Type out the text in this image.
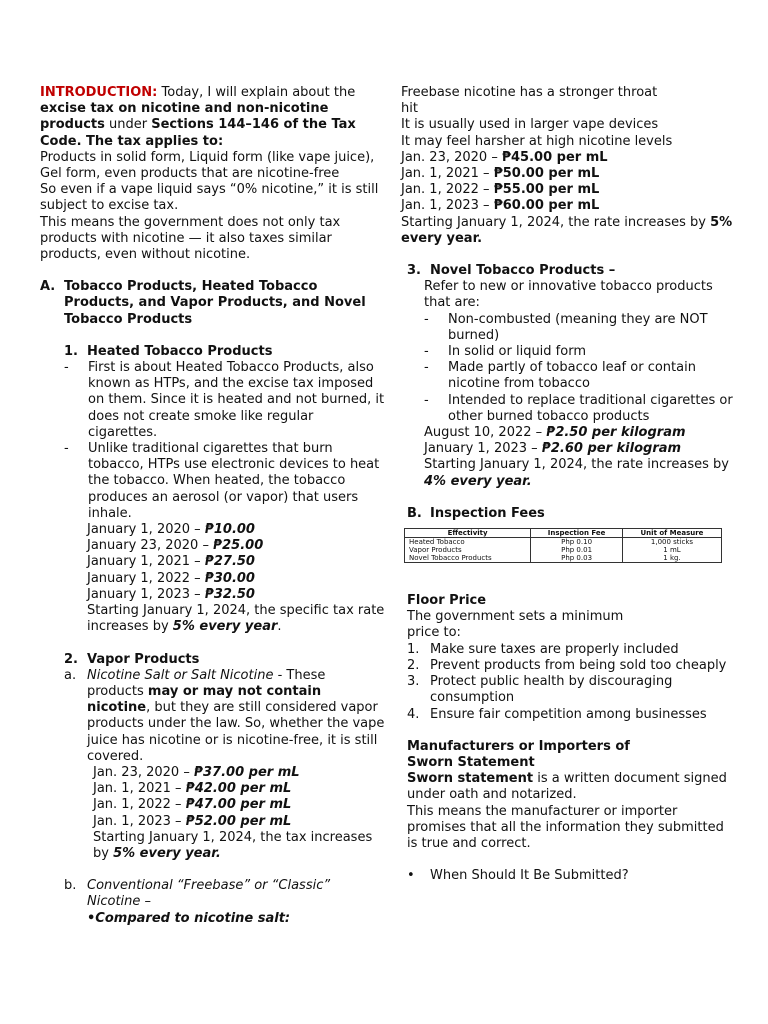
INTRODUCTION: Today, I will explain about the excise tax on nicotine and non-nicotine products under Sections 144–146 of the Tax Code. The tax applies to:

Products in solid form, Liquid form (like vape juice), Gel form, even products that are nicotine-free

So even if a vape liquid says “0% nicotine,” it is still subject to excise tax.

This means the government does not only tax products with nicotine — it also taxes similar products, even without nicotine.

A. Tobacco Products, Heated Tobacco Products, and Vapor Products, and Novel Tobacco Products
1. Heated Tobacco Products
-	First is about Heated Tobacco Products, also known as HTPs, and the excise tax imposed on them. Since it is heated and not burned, it does not create smoke like regular cigarettes.
-	Unlike traditional cigarettes that burn tobacco, HTPs use electronic devices to heat the tobacco. When heated, the tobacco produces an aerosol (or vapor) that users inhale.

January 1, 2020 – ₱10.00

January 23, 2020 – ₱25.00

January 1, 2021 – ₱27.50

January 1, 2022 – ₱30.00

January 1, 2023 – ₱32.50

Starting January 1, 2024, the specific tax rate increases by 5% every year.

2. Vapor Products
a. Nicotine Salt or Salt Nicotine - These products may or may not contain nicotine, but they are still considered vapor products under the law. So, whether the vape juice has nicotine or is nicotine-free, it is still covered.

Jan. 23, 2020 – ₱37.00 per mL

Jan. 1, 2021 – ₱42.00 per mL

Jan. 1, 2022 – ₱47.00 per mL

Jan. 1, 2023 – ₱52.00 per mL

Starting January 1, 2024, the tax increases by 5% every year.

b. Conventional “Freebase” or “Classic” Nicotine –
•Compared to nicotine salt:

Freebase nicotine has a stronger throat hit

It is usually used in larger vape devices

It may feel harsher at high nicotine levels

Jan. 23, 2020 – ₱45.00 per mL

Jan. 1, 2021 – ₱50.00 per mL

Jan. 1, 2022 – ₱55.00 per mL

Jan. 1, 2023 – ₱60.00 per mL

Starting January 1, 2024, the rate increases by 5% every year.

3. Novel Tobacco Products –

Refer to new or innovative tobacco products that are:

-	Non-combusted (meaning they are NOT burned)
-	In solid or liquid form
-	Made partly of tobacco leaf or contain nicotine from tobacco
-	Intended to replace traditional cigarettes or other burned tobacco products

August 10, 2022 – ₱2.50 per kilogram

January 1, 2023 – ₱2.60 per kilogram

Starting January 1, 2024, the rate increases by 4% every year.

B. Inspection Fees
Effectivity	Inspection Fee	Unit of Measure
Heated Tobacco	Php 0.10	1,000 sticks
Vapor Products	Php 0.01	1 mL
Novel Tobacco Products	Php 0.03	1 kg.

Floor Price

The government sets a minimum price to:

1. Make sure taxes are properly included
2. Prevent products from being sold too cheaply
3. Protect public health by discouraging consumption
4. Ensure fair competition among businesses

Manufacturers or Importers of Sworn Statement

Sworn statement is a written document signed under oath and notarized.

This means the manufacturer or importer promises that all the information they submitted is true and correct.

•	When Should It Be Submitted?
